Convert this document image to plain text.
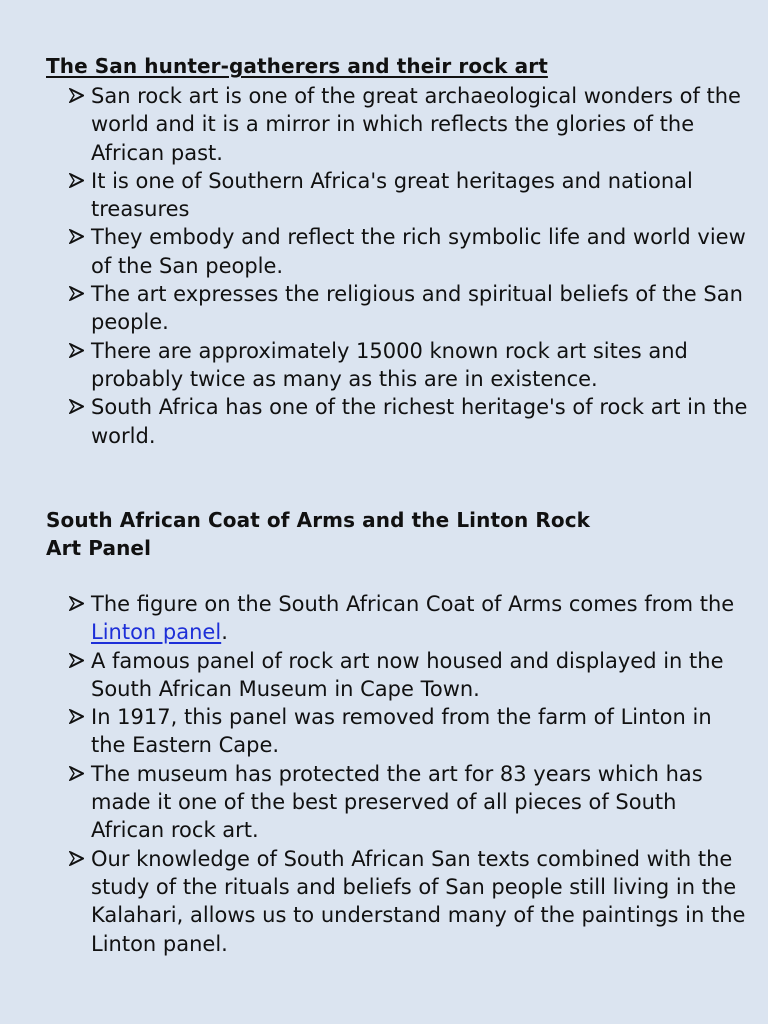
The San hunter-gatherers and their rock art
San rock art is one of the great archaeological wonders of the world and it is a mirror in which reflects the glories of the African past.
It is one of Southern Africa's great heritages and national treasures
They embody and reflect the rich symbolic life and world view of the San people.
The art expresses the religious and spiritual beliefs of the San people.
There are approximately 15000 known rock art sites and probably twice as many as this are in existence.
South Africa has one of the richest heritage's of rock art in the world.
South African Coat of Arms and the Linton Rock
Art Panel
The figure on the South African Coat of Arms comes from the Linton panel.
A famous panel of rock art now housed and displayed in the South African Museum in Cape Town.
In 1917, this panel was removed from the farm of Linton in the Eastern Cape.
The museum has protected the art for 83 years which has made it one of the best preserved of all pieces of South African rock art.
Our knowledge of South African San texts combined with the study of the rituals and beliefs of San people still living in the Kalahari, allows us to understand many of the paintings in the Linton panel.
